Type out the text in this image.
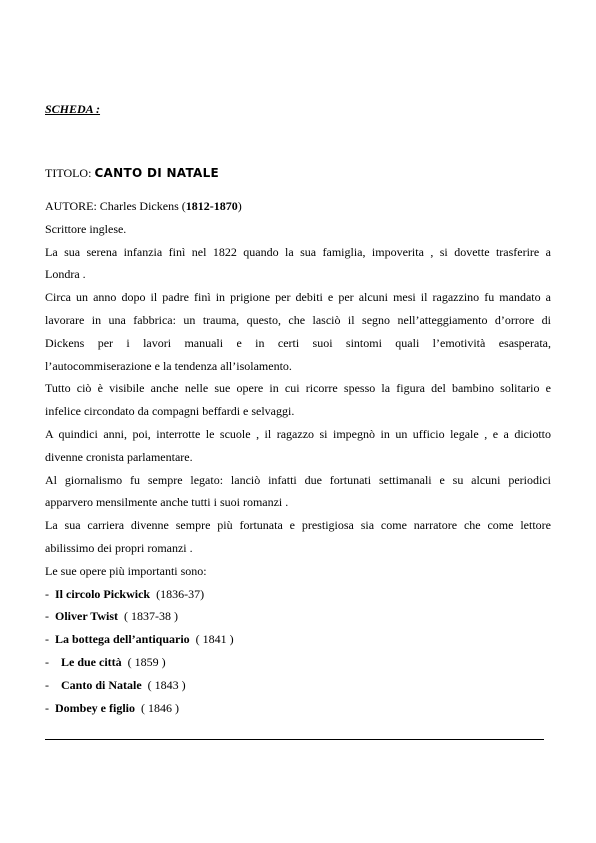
SCHEDA :
TITOLO: CANTO DI NATALE
AUTORE: Charles Dickens (1812-1870)
Scrittore inglese.
La sua serena infanzia finì nel 1822 quando la sua famiglia, impoverita , si dovette trasferire a
Londra .
Circa un anno dopo il padre finì in prigione per debiti e per alcuni mesi il ragazzino fu mandato a
lavorare in una fabbrica: un trauma, questo, che lasciò il segno nell’atteggiamento d’orrore di
Dickens per i lavori manuali e in certi suoi sintomi quali l’emotività esasperata,
l’autocommiserazione e la tendenza all’isolamento.
Tutto ciò è visibile anche nelle sue opere in cui ricorre spesso la figura del bambino solitario e
infelice circondato da compagni beffardi e selvaggi.
A quindici anni, poi, interrotte le scuole , il ragazzo si impegnò in un ufficio legale , e a diciotto
divenne cronista parlamentare.
Al giornalismo fu sempre legato: lanciò infatti due fortunati settimanali e su alcuni periodici
apparvero mensilmente anche tutti i suoi romanzi .
La sua carriera divenne sempre più fortunata e prestigiosa sia come narratore che come lettore
abilissimo dei propri romanzi .
Le sue opere più importanti sono:
-  Il circolo Pickwick  (1836-37)
-  Oliver Twist  ( 1837-38 )
-  La bottega dell’antiquario  ( 1841 )
-    Le due città  ( 1859 )
-    Canto di Natale  ( 1843 )
-  Dombey e figlio  ( 1846 )
